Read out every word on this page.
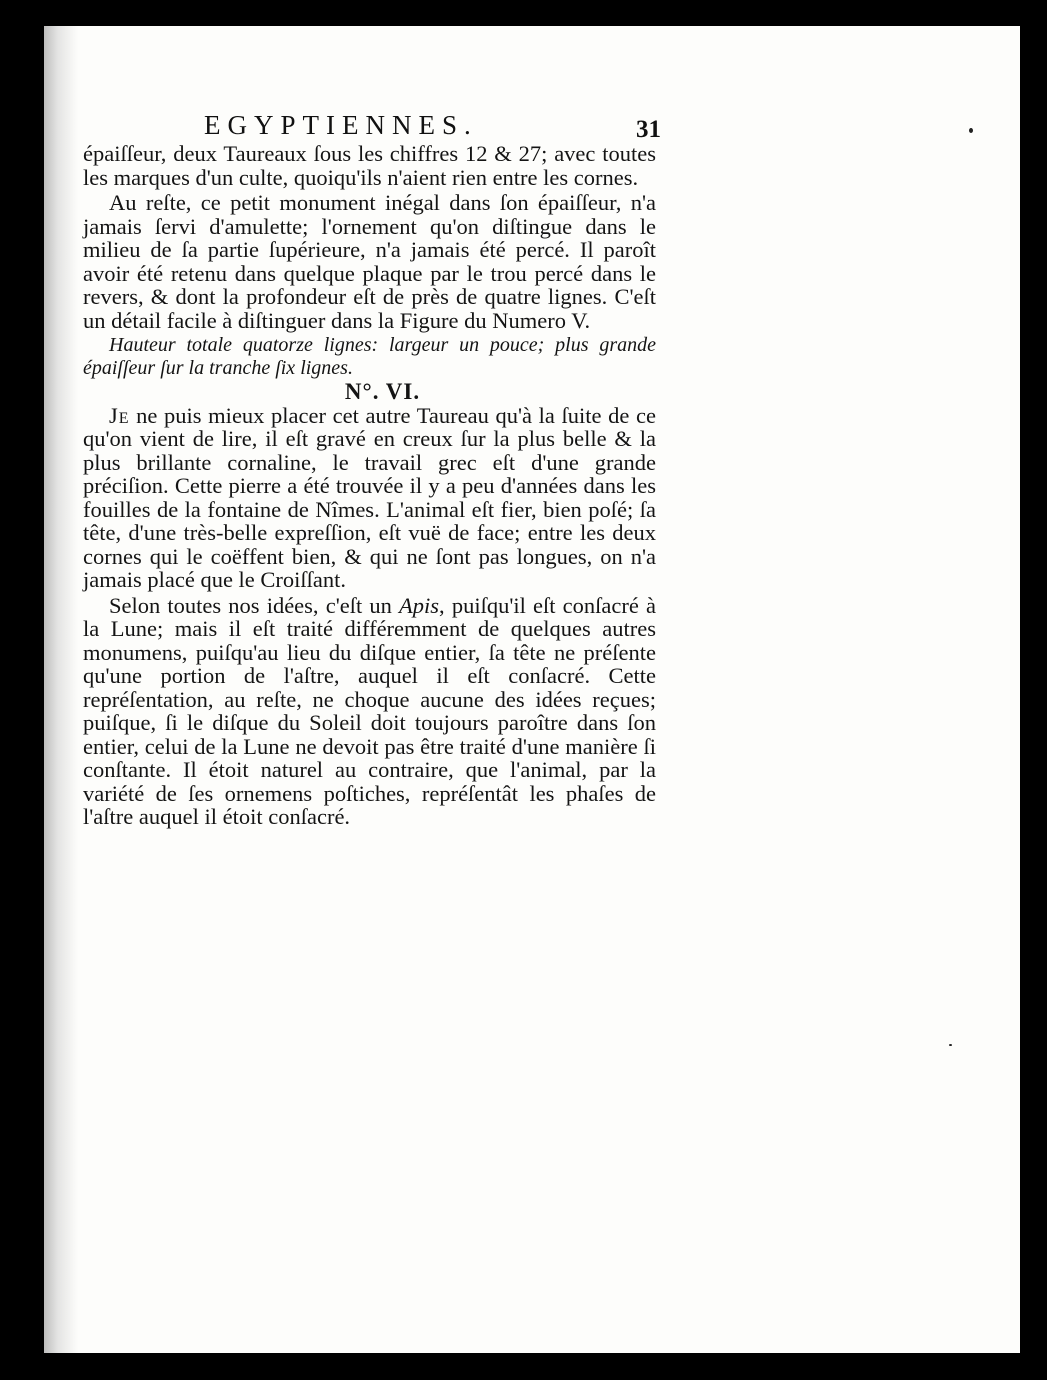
EGYPTIENNES.	31

épaiſſeur, deux Taureaux ſous les chiffres 12 & 27; avec toutes les marques d'un culte, quoiqu'ils n'aient rien entre les cornes.

Au reſte, ce petit monument inégal dans ſon épaiſſeur, n'a jamais ſervi d'amulette; l'ornement qu'on diſtingue dans le milieu de ſa partie ſupérieure, n'a jamais été percé. Il paroît avoir été retenu dans quelque plaque par le trou percé dans le revers, & dont la profondeur eſt de près de quatre lignes. C'eſt un détail facile à diſtinguer dans la Figure du Numero V.

Hauteur totale quatorze lignes: largeur un pouce; plus grande épaiſſeur ſur la tranche ſix lignes.

N°. VI.

Je ne puis mieux placer cet autre Taureau qu'à la ſuite de ce qu'on vient de lire, il eſt gravé en creux ſur la plus belle & la plus brillante cornaline, le travail grec eſt d'une grande préciſion. Cette pierre a été trouvée il y a peu d'années dans les fouilles de la fontaine de Nîmes. L'animal eſt fier, bien poſé; ſa tête, d'une très-belle expreſſion, eſt vuë de face; entre les deux cornes qui le coëffent bien, & qui ne ſont pas longues, on n'a jamais placé que le Croiſſant.

Selon toutes nos idées, c'eſt un Apis, puiſqu'il eſt conſacré à la Lune; mais il eſt traité différemment de quelques autres monumens, puiſqu'au lieu du diſque entier, ſa tête ne préſente qu'une portion de l'aſtre, auquel il eſt conſacré. Cette repréſentation, au reſte, ne choque aucune des idées reçues; puiſque, ſi le diſque du Soleil doit toujours paroître dans ſon entier, celui de la Lune ne devoit pas être traité d'une manière ſi conſtante. Il étoit naturel au contraire, que l'animal, par la variété de ſes ornemens poſtiches, repréſentât les phaſes de l'aſtre auquel il étoit conſacré.
